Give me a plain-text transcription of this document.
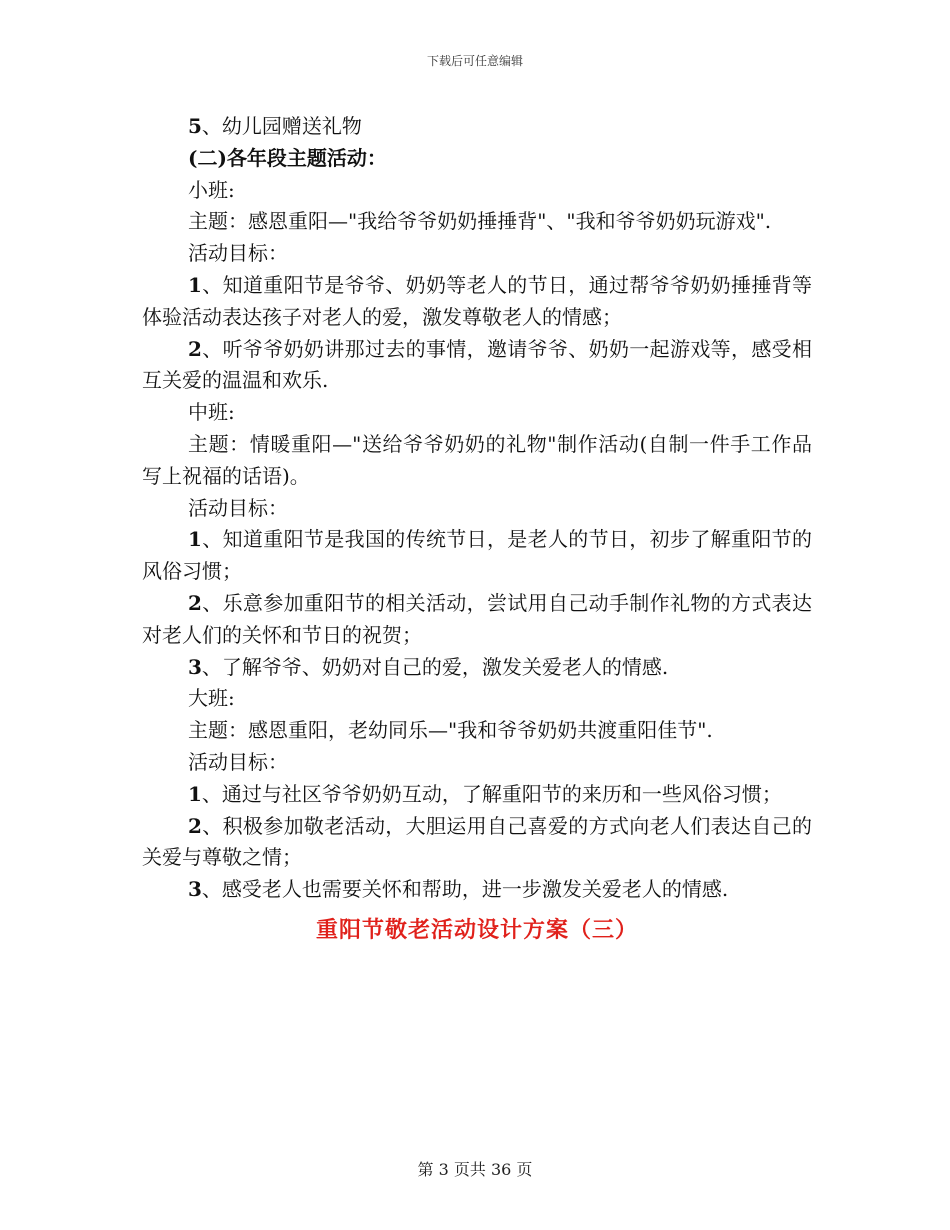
下载后可任意编辑

5、幼儿园赠送礼物

(二)各年段主题活动：

小班:

主题：感恩重阳—"我给爷爷奶奶捶捶背"、"我和爷爷奶奶玩游戏".

活动目标：

1、知道重阳节是爷爷、奶奶等老人的节日，通过帮爷爷奶奶捶捶背等体验活动表达孩子对老人的爱，激发尊敬老人的情感；

2、听爷爷奶奶讲那过去的事情，邀请爷爷、奶奶一起游戏等，感受相互关爱的温温和欢乐.

中班:

主题：情暖重阳—"送给爷爷奶奶的礼物"制作活动(自制一件手工作品写上祝福的话语)。

活动目标：

1、知道重阳节是我国的传统节日，是老人的节日，初步了解重阳节的风俗习惯；

2、乐意参加重阳节的相关活动，尝试用自己动手制作礼物的方式表达对老人们的关怀和节日的祝贺；

3、了解爷爷、奶奶对自己的爱，激发关爱老人的情感.

大班:

主题：感恩重阳，老幼同乐—"我和爷爷奶奶共渡重阳佳节".

活动目标：

1、通过与社区爷爷奶奶互动，了解重阳节的来历和一些风俗习惯；

2、积极参加敬老活动，大胆运用自己喜爱的方式向老人们表达自己的关爱与尊敬之情；

3、感受老人也需要关怀和帮助，进一步激发关爱老人的情感.

重阳节敬老活动设计方案（三）
第 3 页共 36 页
